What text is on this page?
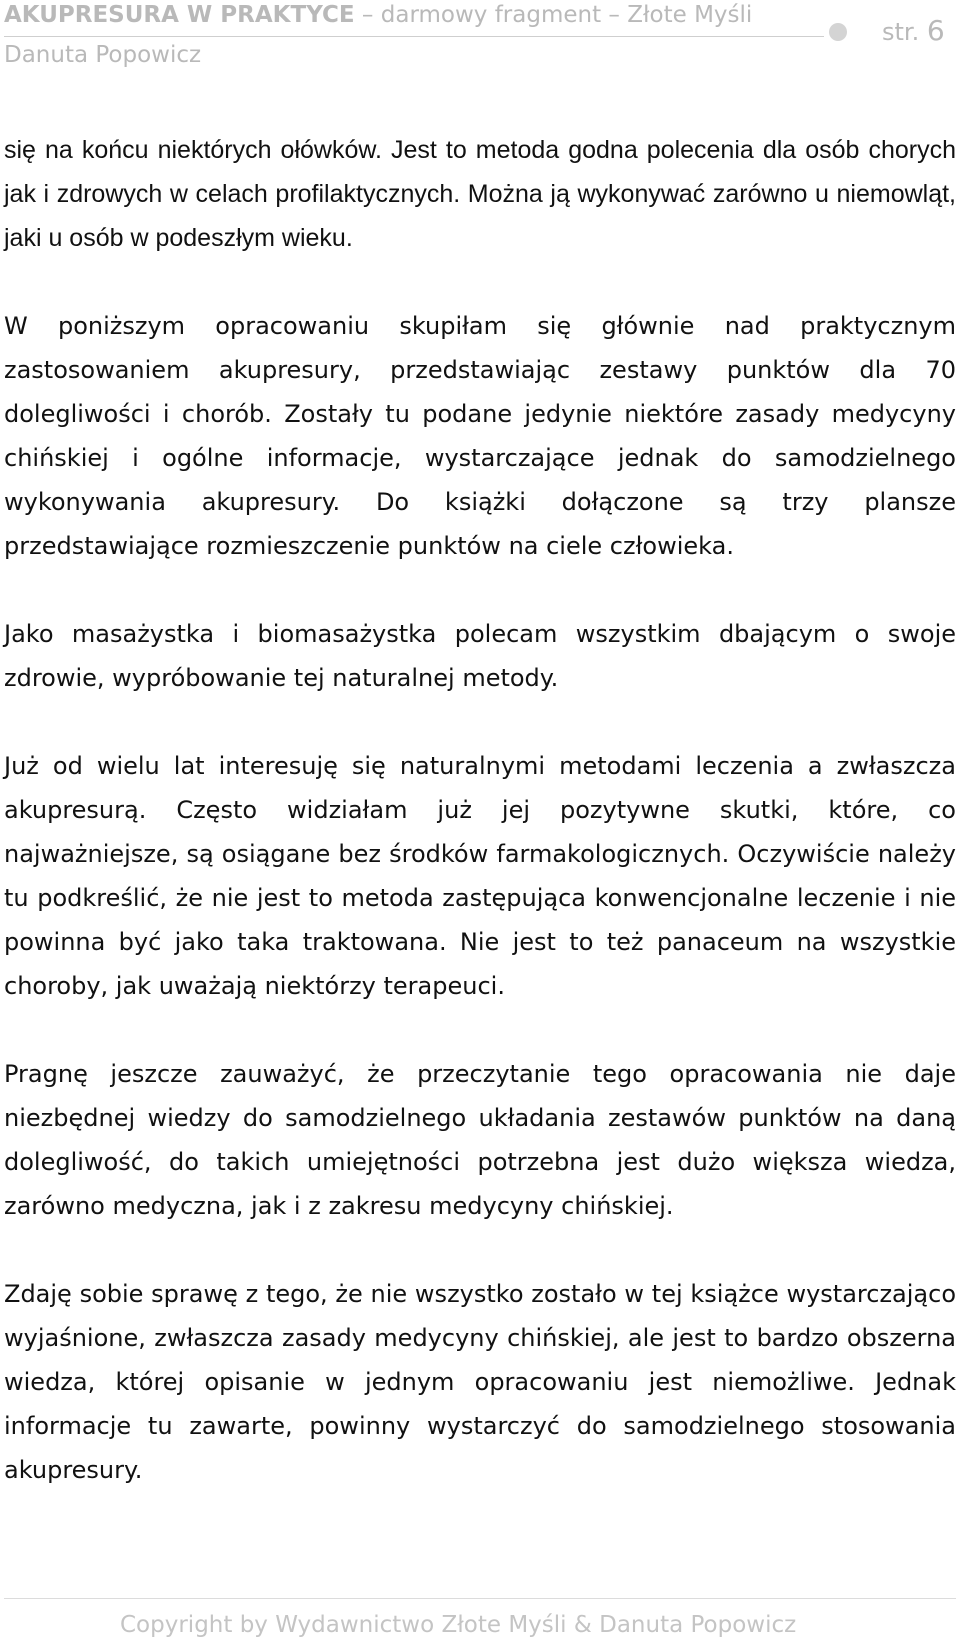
AKUPRESURA W PRAKTYCE – darmowy fragment – Złote Myśli
Danuta Popowicz
str. 6

się na końcu niektórych ołówków. Jest to metoda godna polecenia dla osób chorych jak i zdrowych w celach profilaktycznych. Można ją wykonywać zarówno u niemowląt, jaki u osób w podeszłym wieku.

W poniższym opracowaniu skupiłam się głównie nad praktycznym zastosowaniem akupresury, przedstawiając zestawy punktów dla 70 dolegliwości i chorób. Zostały tu podane jedynie niektóre zasady medycyny chińskiej i ogólne informacje, wystarczające jednak do samodzielnego wykonywania akupresury. Do książki dołączone są trzy plansze przedstawiające rozmieszczenie punktów na ciele człowieka.

Jako masażystka i biomasażystka polecam wszystkim dbającym o swoje zdrowie, wypróbowanie tej naturalnej metody.

Już od wielu lat interesuję się naturalnymi metodami leczenia a zwłaszcza akupresurą. Często widziałam już jej pozytywne skutki, które, co najważniejsze, są osiągane bez środków farmakologicznych. Oczywiście należy tu podkreślić, że nie jest to metoda zastępująca konwencjonalne leczenie i nie powinna być jako taka traktowana. Nie jest to też panaceum na wszystkie choroby, jak uważają niektórzy terapeuci.

Pragnę jeszcze zauważyć, że przeczytanie tego opracowania nie daje niezbędnej wiedzy do samodzielnego układania zestawów punktów na daną dolegliwość, do takich umiejętności potrzebna jest dużo większa wiedza, zarówno medyczna, jak i z zakresu medycyny chińskiej.

Zdaję sobie sprawę z tego, że nie wszystko zostało w tej książce wystarczająco wyjaśnione, zwłaszcza zasady medycyny chińskiej, ale jest to bardzo obszerna wiedza, której opisanie w jednym opracowaniu jest niemożliwe. Jednak informacje tu zawarte, powinny wystarczyć do samodzielnego stosowania akupresury.

Copyright by Wydawnictwo Złote Myśli & Danuta Popowicz
